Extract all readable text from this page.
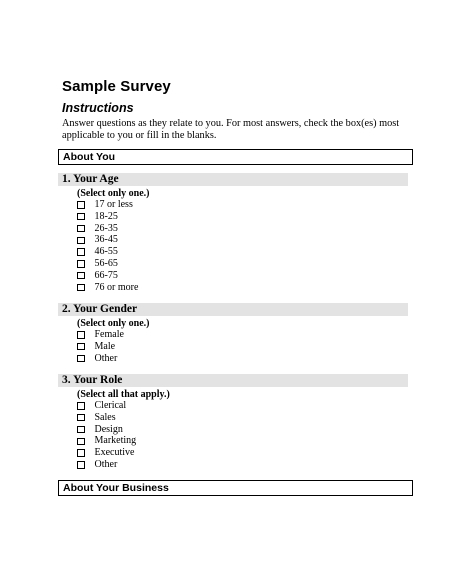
Sample Survey
Instructions
Answer questions as they relate to you. For most answers, check the box(es) most applicable to you or fill in the blanks.
About You
1. Your Age
(Select only one.)
17 or less
18-25
26-35
36-45
46-55
56-65
66-75
76 or more
2. Your Gender
(Select only one.)
Female
Male
Other
3. Your Role
(Select all that apply.)
Clerical
Sales
Design
Marketing
Executive
Other
About Your Business
